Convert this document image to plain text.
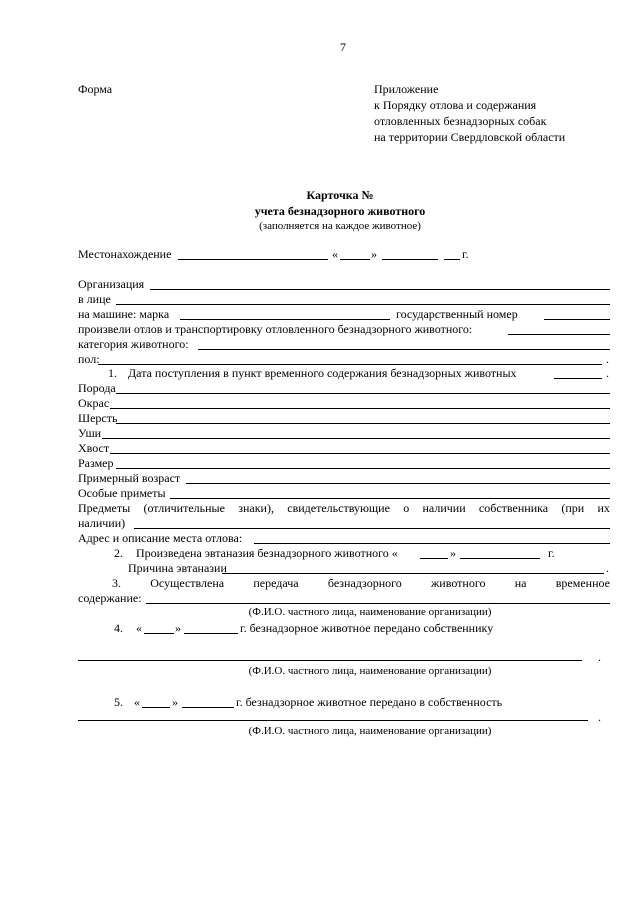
7
Форма	Приложение
к Порядку отлова и содержания
отловленных безнадзорных собак
на территории Свердловской области
Карточка №
учета безнадзорного животного
(заполняется на каждое животное)
Местонахождение	«	»	г.
Организация
в лице
на машине: марка	государственный номер
произвели отлов и транспортировку отловленного безнадзорного животного:
категория животного:
пол:	.
1. Дата поступления в пункт временного содержания безнадзорных животных	.
Порода
Окрас
Шерсть
Уши
Хвост
Размер
Примерный возраст
Особые приметы
Предметы (отличительные знаки), свидетельствующие о наличии собственника (при их
наличии)
Адрес и описание места отлова:
2. Произведена эвтаназия безнадзорного животного «	»	г.
Причина эвтаназии	.
3. Осуществлена передача безнадзорного животного на временное
содержание:
(Ф.И.О. частного лица, наименование организации)
4. «	»	г. безнадзорное животное передано собственнику
.
(Ф.И.О. частного лица, наименование организации)
5. «	»	г. безнадзорное животное передано в собственность
.
(Ф.И.О. частного лица, наименование организации)
